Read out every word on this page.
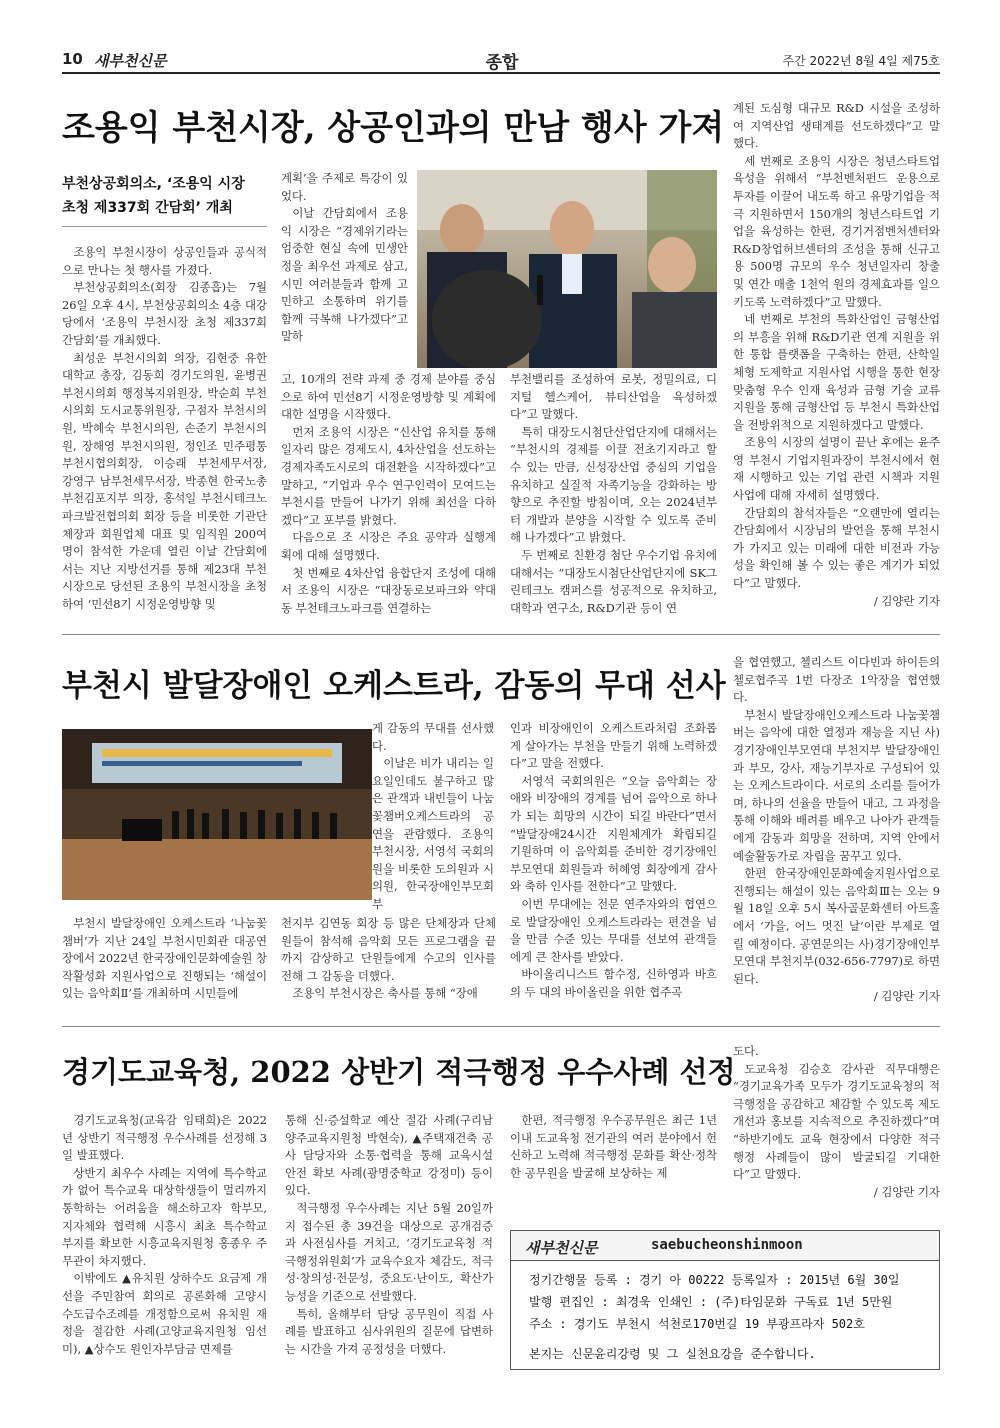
10 새부천신문	종합	주간 2022년 8월 4일 제75호
조용익 부천시장, 상공인과의 만남 행사 가져
부천상공회의소, ‘조용익 시장
초청 제337회 간담회’ 개최

조용익 부천시장이 상공인들과 공식적으로 만나는 첫 행사를 가졌다.

부천상공회의소(회장 김종흡)는 7월 26일 오후 4시, 부천상공회의소 4층 대강당에서 ‘조용익 부천시장 초청 제337회 간담회’를 개최했다.

최성운 부천시의회 의장, 김현중 유한대학교 총장, 김동희 경기도의원, 윤병권 부천시의회 행정복지위원장, 박순희 부천시의회 도시교통위원장, 구점자 부천시의원, 박혜숙 부천시의원, 손준기 부천시의원, 장해영 부천시의원, 정인조 민주평통부천시협의회장, 이승래 부천세무서장, 강영구 남부천세무서장, 박종현 한국노총 부천김포지부 의장, 홍석일 부천시테크노파크발전협의회 회장 등을 비롯한 기관단체장과 회원업체 대표 및 임직원 200여 명이 참석한 가운데 열린 이날 간담회에서는 지난 지방선거를 통해 제23대 부천시장으로 당선된 조용익 부천시장을 초청하여 ‘민선8기 시정운영방향 및

계획’을 주제로 특강이 있었다.

이날 간담회에서 조용익 시장은 “경제위기라는 엄중한 현실 속에 민생안정을 최우선 과제로 삼고, 시민 여러분들과 함께 고민하고 소통하며 위기를 함께 극복해 나가겠다”고 말하

고, 10개의 전략 과제 중 경제 분야를 중심으로 하여 민선8기 시정운영방향 및 계획에 대한 설명을 시작했다.

먼저 조용익 시장은 “신산업 유치를 통해 일자리 많은 경제도시, 4차산업을 선도하는 경제자족도시로의 대전환을 시작하겠다”고 말하고, “기업과 우수 연구인력이 모여드는 부천시를 만들어 나가기 위해 최선을 다하겠다”고 포부를 밝혔다.

다음으로 조 시장은 주요 공약과 실행계획에 대해 설명했다.

첫 번째로 4차산업 융합단지 조성에 대해서 조용익 시장은 “대장동로보파크와 약대동 부천테크노파크를 연결하는

부천밸리를 조성하여 로봇, 정밀의료, 디지털 헬스케어, 뷰티산업을 육성하겠다”고 말했다.

특히 대장도시첨단산업단지에 대해서는 “부천시의 경제를 이끌 전초기지라고 할 수 있는 만큼, 신성장산업 중심의 기업을 유치하고 실질적 자족기능을 강화하는 방향으로 추진할 방침이며, 오는 2024년부터 개발과 분양을 시작할 수 있도록 준비해 나가겠다”고 밝혔다.

두 번째로 친환경 첨단 우수기업 유치에 대해서는 “대장도시첨단산업단지에 SK그린테크노 캠퍼스를 성공적으로 유치하고, 대학과 연구소, R&D기관 등이 연

계된 도심형 대규모 R&D 시설을 조성하여 지역산업 생태계를 선도하겠다”고 말했다.

세 번째로 조용익 시장은 청년스타트업 육성을 위해서 “부천벤처펀드 운용으로 투자를 이끌어 내도록 하고 유망기업을 적극 지원하면서 150개의 청년스타트업 기업을 육성하는 한편, 경기거점벤처센터와 R&D창업허브센터의 조성을 통해 신규고용 500명 규모의 우수 청년일자리 창출 및 연간 매출 1천억 원의 경제효과를 일으키도록 노력하겠다”고 말했다.

네 번째로 부천의 특화산업인 금형산업의 부흥을 위해 R&D기관 연계 지원을 위한 통합 플랫폼을 구축하는 한편, 산학일체형 도제학교 지원사업 시행을 통한 현장 맞춤형 우수 인재 육성과 금형 기술 교류 지원을 통해 금형산업 등 부천시 특화산업을 전방위적으로 지원하겠다고 말했다.

조용익 시장의 설명이 끝난 후에는 윤주영 부천시 기업지원과장이 부천시에서 현재 시행하고 있는 기업 관련 시책과 지원사업에 대해 자세히 설명했다.

간담회의 참석자들은 “오랜만에 열리는 간담회에서 시장님의 발언을 통해 부천시가 가지고 있는 미래에 대한 비전과 가능성을 확인해 볼 수 있는 좋은 계기가 되었다”고 말했다.

/ 김양란 기자

부천시 발달장애인 오케스트라, 감동의 무대 선사

부천시 발달장애인 오케스트라 ‘나눔꽃챔버’가 지난 24일 부천시민회관 대공연장에서 2022년 한국장애인문화예술원 창작활성화 지원사업으로 진행되는 ‘해설이 있는 음악회Ⅱ’를 개최하며 시민들에

게 감동의 무대를 선사했다.

이날은 비가 내리는 일요일인데도 불구하고 많은 관객과 내빈들이 나눔꽃챔버오케스트라의 공연을 관람했다. 조용익 부천시장, 서영석 국회의원을 비롯한 도의원과 시의원, 한국장애인부모회 부

천지부 김연동 회장 등 많은 단체장과 단체원들이 참석해 음악회 모든 프로그램을 끝까지 감상하고 단원들에게 수고의 인사를 전해 그 감동을 더했다.

조용익 부천시장은 축사를 통해 “장애

인과 비장애인이 오케스트라처럼 조화롭게 살아가는 부천을 만들기 위해 노력하겠다”고 말을 전했다.

서영석 국회의원은 “오늘 음악회는 장애와 비장애의 경계를 넘어 음악으로 하나가 되는 희망의 시간이 되길 바란다”면서 “발달장애24시간 지원체계가 확립되길 기원하며 이 음악회를 준비한 경기장애인부모연대 회원들과 허혜영 회장에게 감사와 축하 인사를 전한다”고 말했다.

이번 무대에는 전문 연주자와의 협연으로 발달장애인 오케스트라라는 편견을 넘을 만큼 수준 있는 무대를 선보여 관객들에게 큰 찬사를 받았다.

바이올리니스트 함수정, 신하영과 바흐의 두 대의 바이올린을 위한 협주곡

을 협연했고, 첼리스트 이다빈과 하이든의 첼로협주곡 1번 다장조 1악장을 협연했다.

부천시 발달장애인오케스트라 나눔꽃챔버는 음악에 대한 열정과 재능을 지닌 사)경기장애인부모연대 부천지부 발달장애인과 부모, 강사, 재능기부자로 구성되어 있는 오케스트라이다. 서로의 소리를 들어가며, 하나의 선율을 만들어 내고, 그 과정을 통해 이해와 배려를 배우고 나아가 관객들에게 감동과 희망을 전하며, 지역 안에서 예술활동가로 자립을 꿈꾸고 있다.

한편 한국장애인문화예술지원사업으로 진행되는 해설이 있는 음악회Ⅲ는 오는 9월 18일 오후 5시 복사골문화센터 아트홀에서 ‘가을, 어느 멋진 날’이란 부제로 열릴 예정이다. 공연문의는 사)경기장애인부모연대 부천지부(032-656-7797)로 하면 된다.

/ 김양란 기자

경기도교육청, 2022 상반기 적극행정 우수사례 선정

경기도교육청(교육감 임태희)은 2022년 상반기 적극행정 우수사례를 선정해 3일 발표했다.

상반기 최우수 사례는 지역에 특수학교가 없어 특수교육 대상학생들이 멀리까지 통학하는 어려움을 해소하고자 학부모, 지자체와 협력해 시흥시 최초 특수학교 부지를 확보한 시흥교육지원청 홍종우 주무관이 차지했다.

이밖에도 ▲유치원 상하수도 요금제 개선을 주민참여 회의로 공론화해 고양시 수도급수조례를 개정함으로써 유치원 재정을 절감한 사례(고양교육지원청 임선미), ▲상수도 원인자부담금 면제를

통해 신·증설학교 예산 절감 사례(구리남양주교육지원청 박현숙), ▲주택재건축 공사 담당자와 소통·협력을 통해 교육시설 안전 확보 사례(광명중학교 강정미) 등이 있다.

적극행정 우수사례는 지난 5월 20일까지 접수된 총 39건을 대상으로 공개검증과 사전심사를 거치고, ‘경기도교육청 적극행정위원회’가 교육수요자 체감도, 적극성·창의성·전문성, 중요도·난이도, 확산가능성을 기준으로 선발했다.

특히, 올해부터 담당 공무원이 직접 사례를 발표하고 심사위원의 질문에 답변하는 시간을 가져 공정성을 더했다.

한편, 적극행정 우수공무원은 최근 1년 이내 도교육청 전기관의 여러 분야에서 헌신하고 노력해 적극행정 문화를 확산·정착한 공무원을 발굴해 보상하는 제

도다.

도교육청 김승호 감사관 직무대행은 “경기교육가족 모두가 경기도교육청의 적극행정을 공감하고 체감할 수 있도록 제도 개선과 홍보를 지속적으로 추진하겠다”며 “하반기에도 교육 현장에서 다양한 적극행정 사례들이 많이 발굴되길 기대한다”고 말했다.

/ 김양란 기자

새부천신문	saebucheonshinmoon
정기간행물 등록 : 경기 아 00222 등록일자 : 2015년 6월 30일
발행 편집인 : 최경욱 인쇄인 : (주)타임문화 구독료 1년 5만원
주소 : 경기도 부천시 석천로170번길 19 부광프라자 502호
본지는 신문윤리강령 및 그 실천요강을 준수합니다.
